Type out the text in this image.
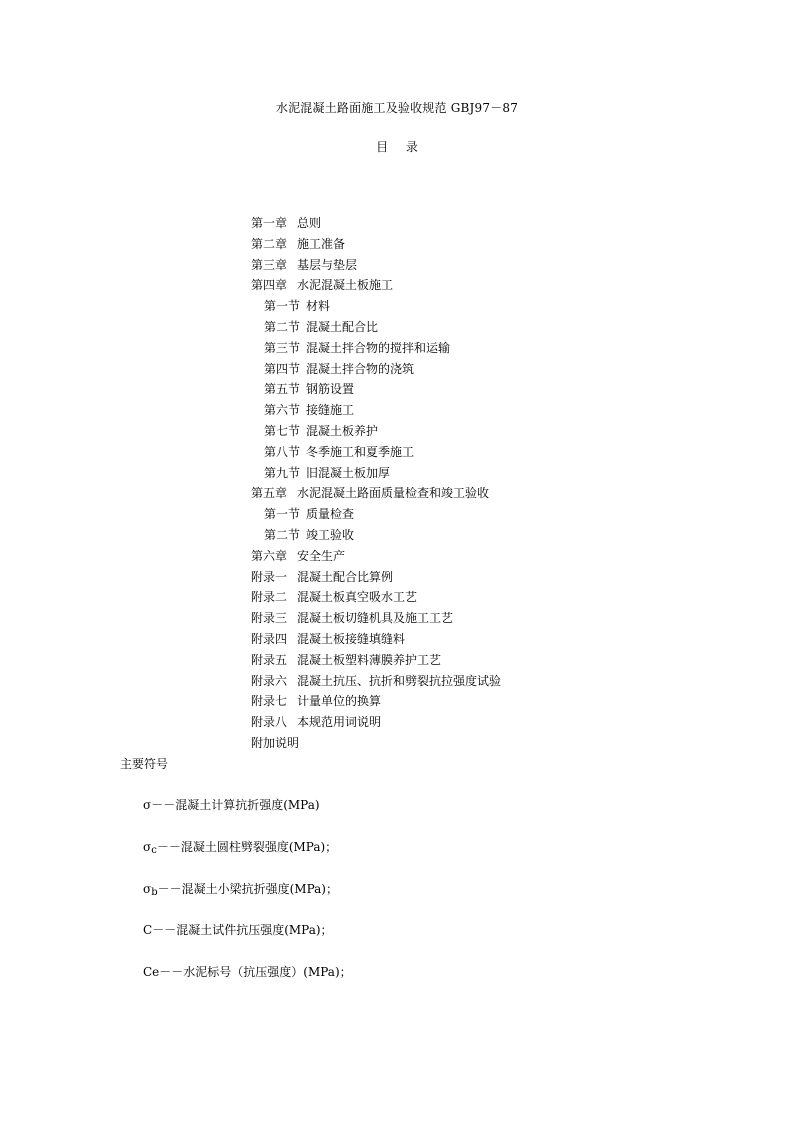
水泥混凝土路面施工及验收规范 GBJ97－87
目 录
第一章 总则
第二章 施工准备
第三章 基层与垫层
第四章 水泥混凝土板施工
第一节 材料
第二节 混凝土配合比
第三节 混凝土拌合物的搅拌和运输
第四节 混凝土拌合物的浇筑
第五节 钢筋设置
第六节 接缝施工
第七节 混凝土板养护
第八节 冬季施工和夏季施工
第九节 旧混凝土板加厚
第五章 水泥混凝土路面质量检查和竣工验收
第一节 质量检查
第二节 竣工验收
第六章 安全生产
附录一 混凝土配合比算例
附录二 混凝土板真空吸水工艺
附录三 混凝土板切缝机具及施工工艺
附录四 混凝土板接缝填缝料
附录五 混凝土板塑料薄膜养护工艺
附录六 混凝土抗压、抗折和劈裂抗拉强度试验
附录七 计量单位的换算
附录八 本规范用词说明
附加说明
主要符号
σ－－混凝土计算抗折强度(MPa)
$\sigma_c--$混凝土圆柱劈裂强度(MPa)；
$\sigma_b--$混凝土小梁抗折强度(MPa)；
C－－混凝土试件抗压强度(MPa)；
Ce－－水泥标号（抗压强度）(MPa)；
